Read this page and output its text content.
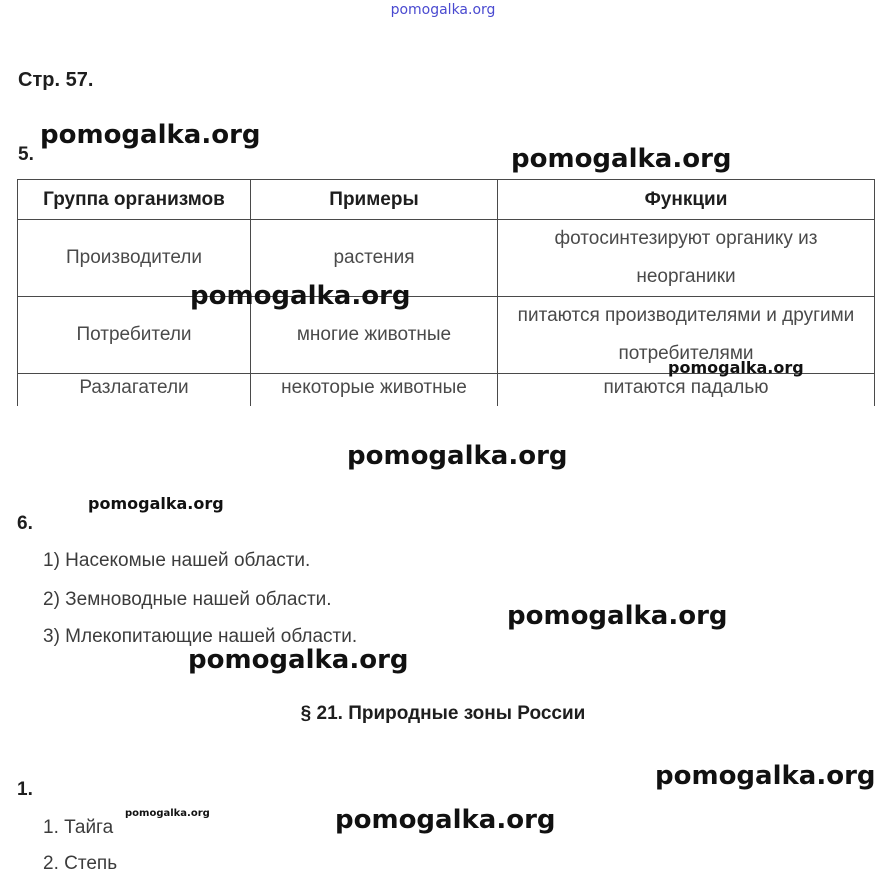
pomogalka.org
Стр. 57.
5.
Группа организмов	Примеры	Функции
Производители	растения	фотосинтезируют органику из неорганики
Потребители	многие животные	питаются производителями и другими потребителями
Разлагатели	некоторые животные	питаются падалью
6.
1) Насекомые нашей области.
2) Земноводные нашей области.
3) Млекопитающие нашей области.
§ 21. Природные зоны России
1.
1. Тайга
2. Степь
pomogalka.org
pomogalka.org
pomogalka.org
pomogalka.org
pomogalka.org
pomogalka.org
pomogalka.org
pomogalka.org
pomogalka.org
pomogalka.org	pomogalka.org
